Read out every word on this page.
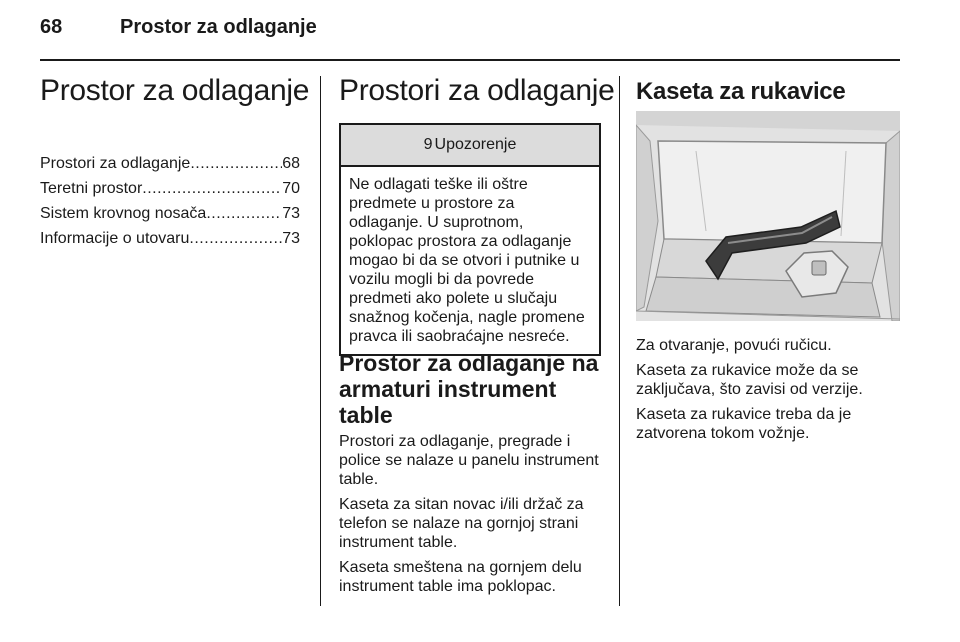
68	Prostor za odlaganje
Prostor za odlaganje
Prostori za odlaganje .....	68
Teretni prostor .....	70
Sistem krovnog nosača .....	73
Informacije o utovaru .....	73
Prostori za odlaganje
9 Upozorenje
Ne odlagati teške ili oštre predmete u prostore za odlaganje. U suprotnom, poklopac prostora za odlaganje mogao bi da se otvori i putnike u vozilu mogli bi da povrede predmeti ako polete u slučaju snažnog kočenja, nagle promene pravca ili saobraćajne nesreće.
Prostor za odlaganje na armaturi instrument table

Prostori za odlaganje, pregrade i police se nalaze u panelu instrument table.

Kaseta za sitan novac i/ili držač za telefon se nalaze na gornjoj strani instrument table.

Kaseta smeštena na gornjem delu instrument table ima poklopac.

Kaseta za rukavice

Za otvaranje, povući ručicu.

Kaseta za rukavice može da se zaključava, što zavisi od verzije.

Kaseta za rukavice treba da je zatvorena tokom vožnje.
